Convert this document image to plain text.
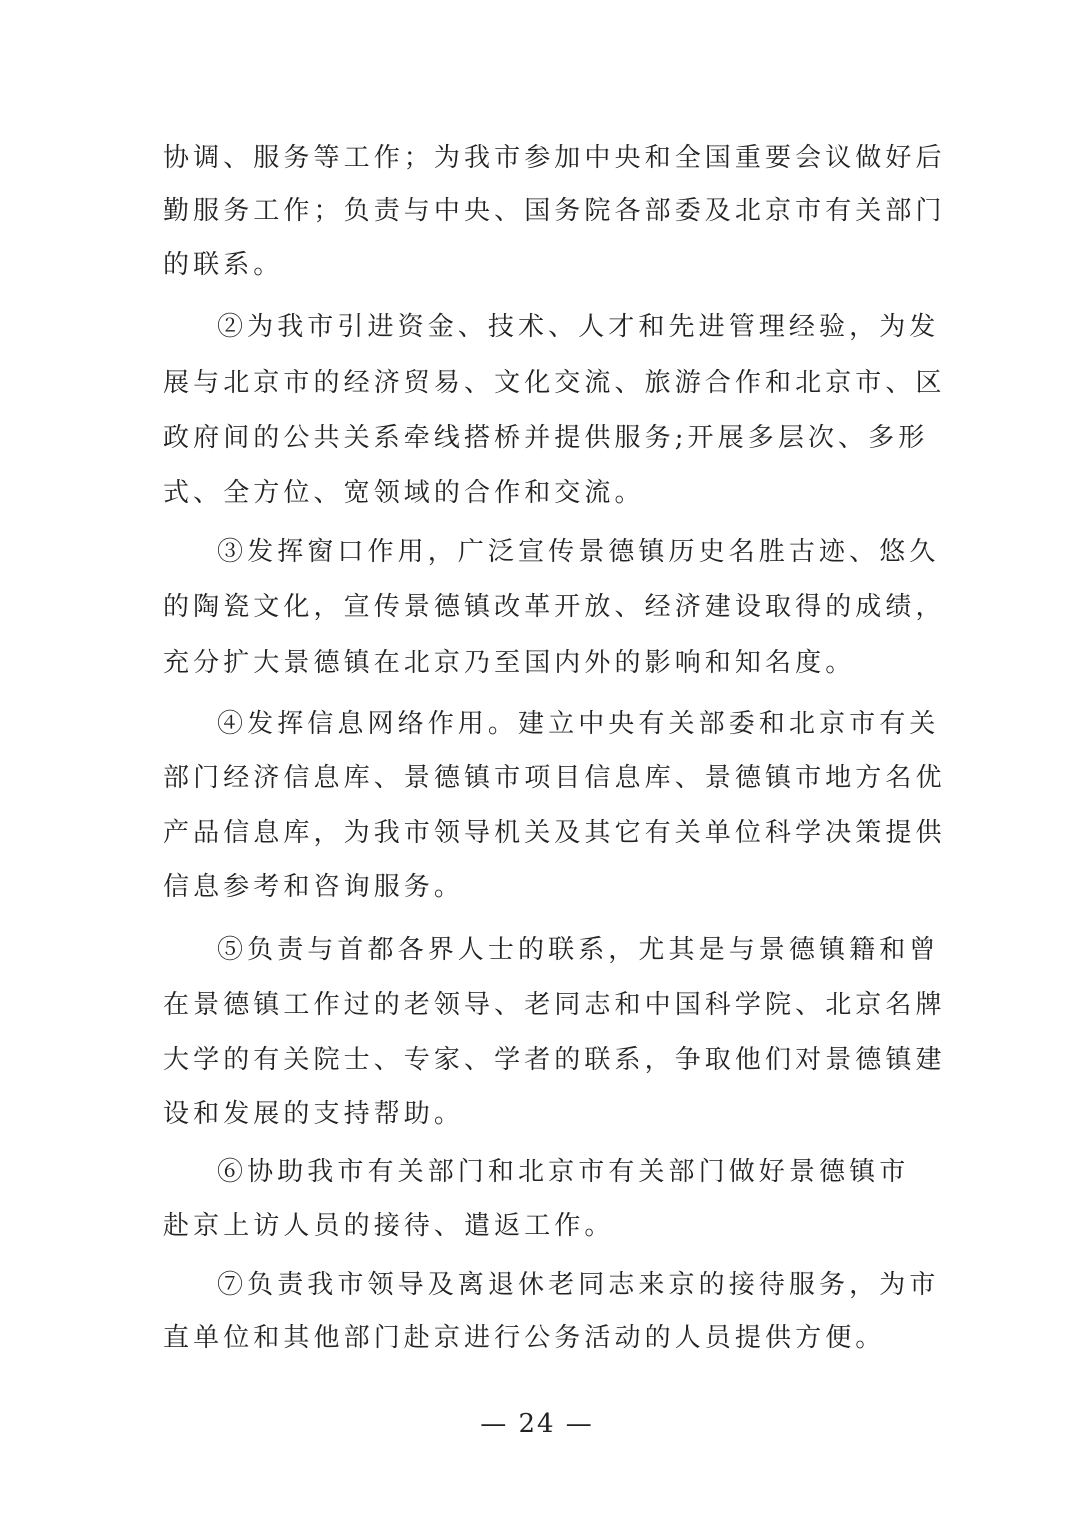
协调、服务等工作；为我市参加中央和全国重要会议做好后
勤服务工作；负责与中央、国务院各部委及北京市有关部门
的联系。
②为我市引进资金、技术、人才和先进管理经验，为发
展与北京市的经济贸易、文化交流、旅游合作和北京市、区
政府间的公共关系牵线搭桥并提供服务;开展多层次、多形
式、全方位、宽领域的合作和交流。
③发挥窗口作用，广泛宣传景德镇历史名胜古迹、悠久
的陶瓷文化，宣传景德镇改革开放、经济建设取得的成绩，
充分扩大景德镇在北京乃至国内外的影响和知名度。
④发挥信息网络作用。建立中央有关部委和北京市有关
部门经济信息库、景德镇市项目信息库、景德镇市地方名优
产品信息库，为我市领导机关及其它有关单位科学决策提供
信息参考和咨询服务。
⑤负责与首都各界人士的联系，尤其是与景德镇籍和曾
在景德镇工作过的老领导、老同志和中国科学院、北京名牌
大学的有关院士、专家、学者的联系，争取他们对景德镇建
设和发展的支持帮助。
⑥协助我市有关部门和北京市有关部门做好景德镇市
赴京上访人员的接待、遣返工作。
⑦负责我市领导及离退休老同志来京的接待服务，为市
直单位和其他部门赴京进行公务活动的人员提供方便。
— 24 —
